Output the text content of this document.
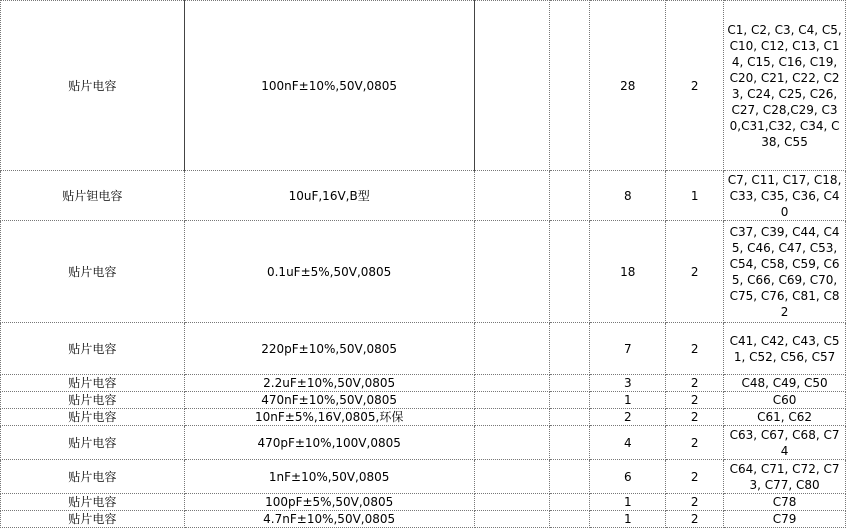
贴片电容	100nF±10%,50V,0805			28	2	C1, C2, C3, C4, C5, C10, C12, C13, C14, C15, C16, C19, C20, C21, C22, C23, C24, C25, C26, C27, C28,C29, C30,C31,C32, C34, C38, C55
贴片钽电容	10uF,16V,B型			8	1	C7, C11, C17, C18, C33, C35, C36, C40
贴片电容	0.1uF±5%,50V,0805			18	2	C37, C39, C44, C45, C46, C47, C53, C54, C58, C59, C65, C66, C69, C70, C75, C76, C81, C82
贴片电容	220pF±10%,50V,0805			7	2	C41, C42, C43, C51, C52, C56, C57
贴片电容	2.2uF±10%,50V,0805			3	2	C48, C49, C50
贴片电容	470nF±10%,50V,0805			1	2	C60
贴片电容	10nF±5%,16V,0805,环保			2	2	C61, C62
贴片电容	470pF±10%,100V,0805			4	2	C63, C67, C68, C74
贴片电容	1nF±10%,50V,0805			6	2	C64, C71, C72, C73, C77, C80
贴片电容	100pF±5%,50V,0805			1	2	C78
贴片电容	4.7nF±10%,50V,0805			1	2	C79
